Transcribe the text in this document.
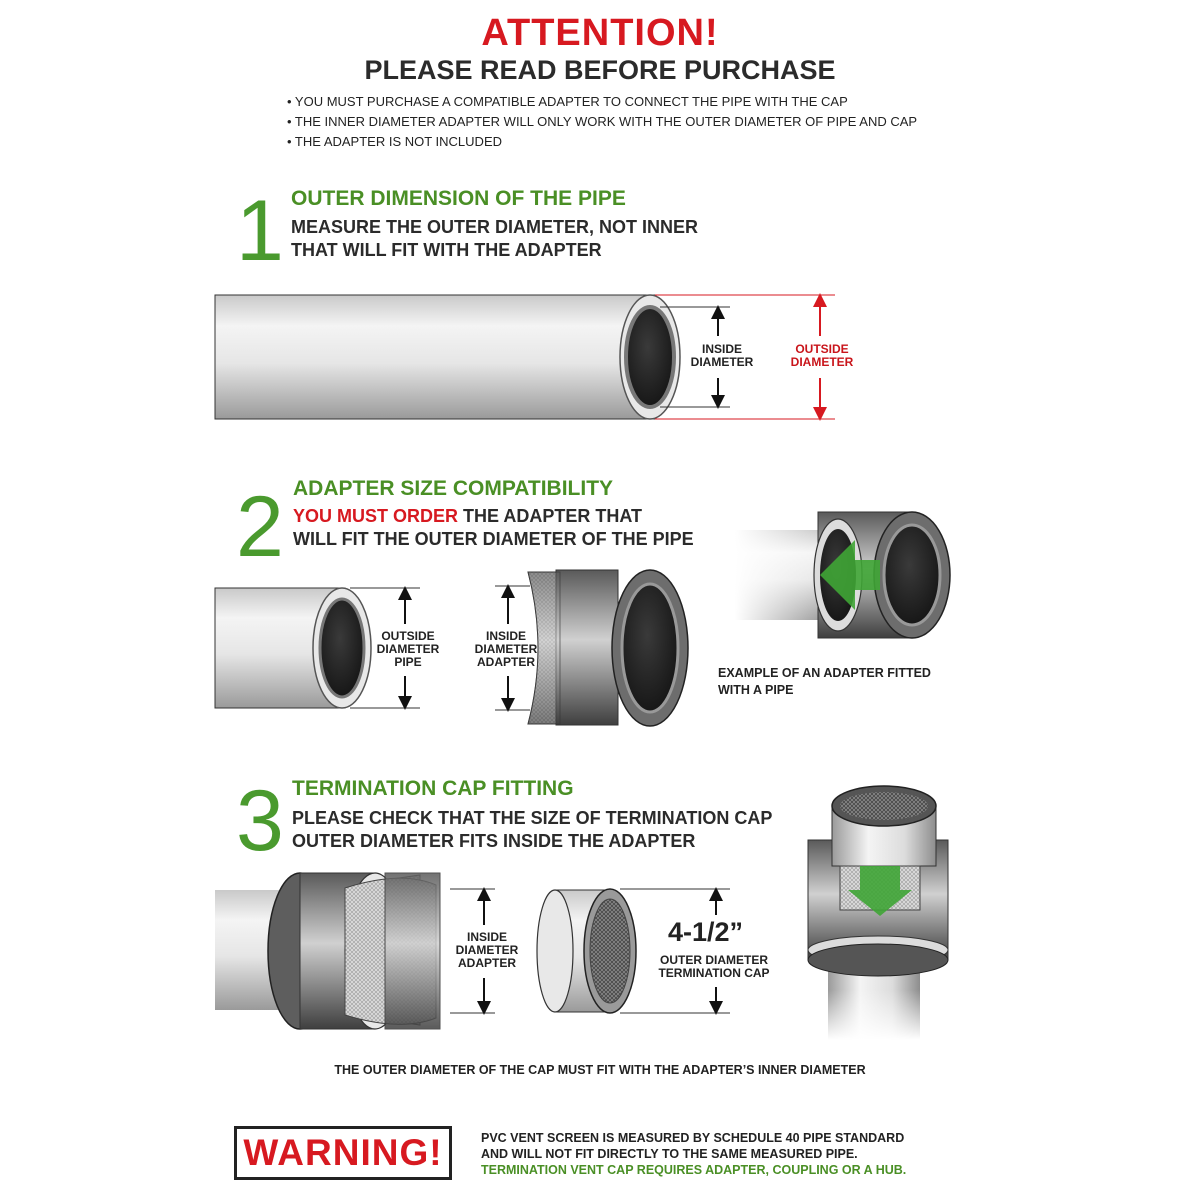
ATTENTION!
PLEASE READ BEFORE PURCHASE
• YOU MUST PURCHASE A COMPATIBLE ADAPTER TO CONNECT THE PIPE WITH THE CAP
• THE INNER DIAMETER ADAPTER WILL ONLY WORK WITH THE OUTER DIAMETER OF PIPE AND CAP
• THE ADAPTER IS NOT INCLUDED
1 OUTER DIMENSION OF THE PIPE
MEASURE THE OUTER DIAMETER, NOT INNER
THAT WILL FIT WITH THE ADAPTER
INSIDE
DIAMETER
OUTSIDE
DIAMETER
2 ADAPTER SIZE COMPATIBILITY
YOU MUST ORDER THE ADAPTER THAT
WILL FIT THE OUTER DIAMETER OF THE PIPE
OUTSIDE
DIAMETER
PIPE
INSIDE
DIAMETER
ADAPTER
EXAMPLE OF AN ADAPTER FITTED
WITH A PIPE
3 TERMINATION CAP FITTING
PLEASE CHECK THAT THE SIZE OF TERMINATION CAP
OUTER DIAMETER FITS INSIDE THE ADAPTER
INSIDE
DIAMETER
ADAPTER
4-1/2”
OUTER DIAMETER
TERMINATION CAP
THE OUTER DIAMETER OF THE CAP MUST FIT WITH THE ADAPTER’S INNER DIAMETER
WARNING!	PVC VENT SCREEN IS MEASURED BY SCHEDULE 40 PIPE STANDARD
AND WILL NOT FIT DIRECTLY TO THE SAME MEASURED PIPE.
TERMINATION VENT CAP REQUIRES ADAPTER, COUPLING OR A HUB.
